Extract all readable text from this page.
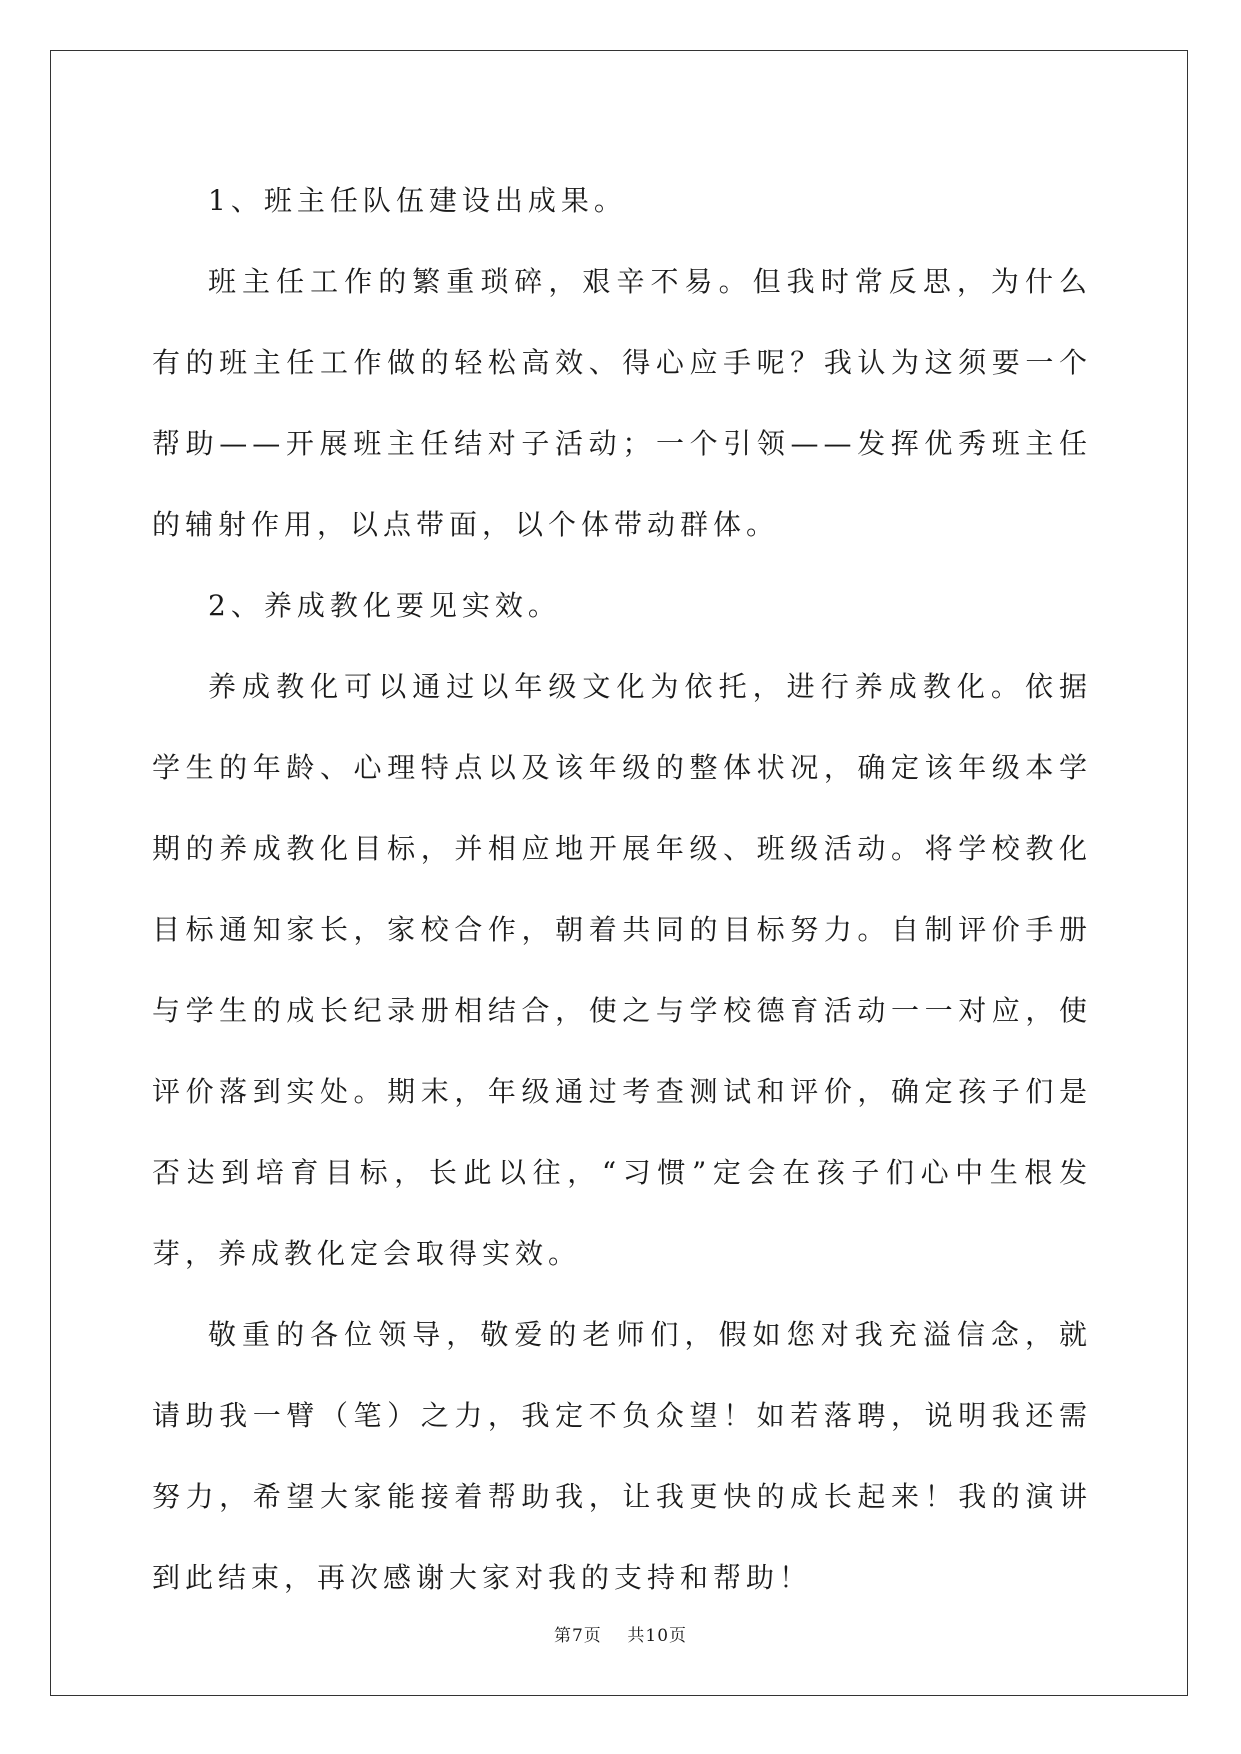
1、班主任队伍建设出成果。

班主任工作的繁重琐碎，艰辛不易。但我时常反思，为什么有的班主任工作做的轻松高效、得心应手呢？我认为这须要一个帮助——开展班主任结对子活动；一个引领——发挥优秀班主任的辅射作用，以点带面，以个体带动群体。

2、养成教化要见实效。

养成教化可以通过以年级文化为依托，进行养成教化。依据学生的年龄、心理特点以及该年级的整体状况，确定该年级本学期的养成教化目标，并相应地开展年级、班级活动。将学校教化目标通知家长，家校合作，朝着共同的目标努力。自制评价手册与学生的成长纪录册相结合，使之与学校德育活动一一对应，使评价落到实处。期末，年级通过考查测试和评价，确定孩子们是否达到培育目标，长此以往，“习惯”定会在孩子们心中生根发芽，养成教化定会取得实效。

敬重的各位领导，敬爱的老师们，假如您对我充溢信念，就请助我一臂（笔）之力，我定不负众望！如若落聘，说明我还需努力，希望大家能接着帮助我，让我更快的成长起来！我的演讲到此结束，再次感谢大家对我的支持和帮助！

第7页 共10页
